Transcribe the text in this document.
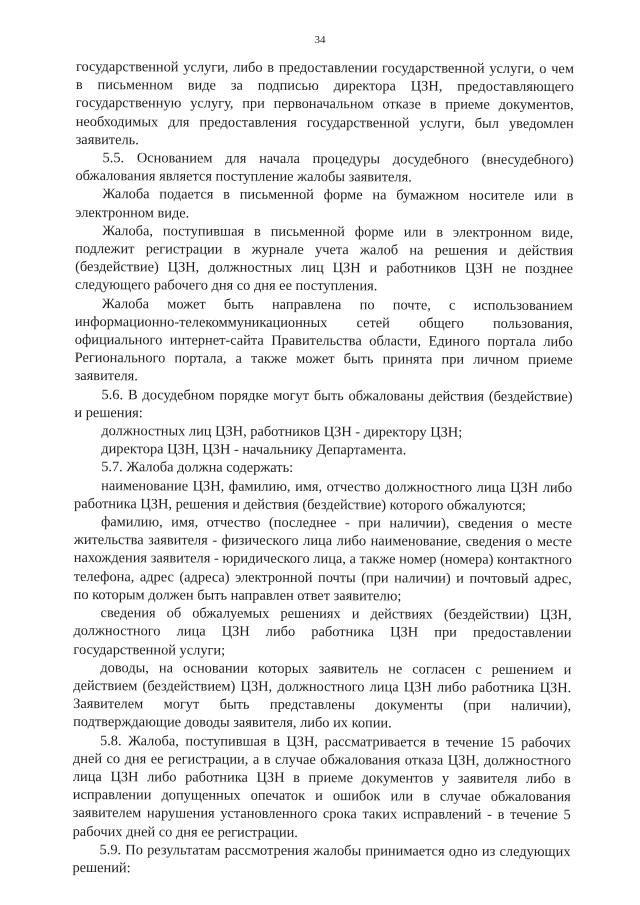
34

государственной услуги, либо в предоставлении государственной услуги, о чем в письменном виде за подписью директора ЦЗН, предоставляющего государственную услугу, при первоначальном отказе в приеме документов, необходимых для предоставления государственной услуги, был уведомлен заявитель.

5.5. Основанием для начала процедуры досудебного (внесудебного) обжалования является поступление жалобы заявителя.

Жалоба подается в письменной форме на бумажном носителе или в электронном виде.

Жалоба, поступившая в письменной форме или в электронном виде, подлежит регистрации в журнале учета жалоб на решения и действия (бездействие) ЦЗН, должностных лиц ЦЗН и работников ЦЗН не позднее следующего рабочего дня со дня ее поступления.

Жалоба может быть направлена по почте, с использованием информационно-телекоммуникационных сетей общего пользования, официального интернет-сайта Правительства области, Единого портала либо Регионального портала, а также может быть принята при личном приеме заявителя.

5.6. В досудебном порядке могут быть обжалованы действия (бездействие) и решения:

должностных лиц ЦЗН, работников ЦЗН - директору ЦЗН;

директора ЦЗН, ЦЗН - начальнику Департамента.

5.7. Жалоба должна содержать:

наименование ЦЗН, фамилию, имя, отчество должностного лица ЦЗН либо работника ЦЗН, решения и действия (бездействие) которого обжалуются;

фамилию, имя, отчество (последнее - при наличии), сведения о месте жительства заявителя - физического лица либо наименование, сведения о месте нахождения заявителя - юридического лица, а также номер (номера) контактного телефона, адрес (адреса) электронной почты (при наличии) и почтовый адрес, по которым должен быть направлен ответ заявителю;

сведения об обжалуемых решениях и действиях (бездействии) ЦЗН, должностного лица ЦЗН либо работника ЦЗН при предоставлении государственной услуги;

доводы, на основании которых заявитель не согласен с решением и действием (бездействием) ЦЗН, должностного лица ЦЗН либо работника ЦЗН. Заявителем могут быть представлены документы (при наличии), подтверждающие доводы заявителя, либо их копии.

5.8. Жалоба, поступившая в ЦЗН, рассматривается в течение 15 рабочих дней со дня ее регистрации, а в случае обжалования отказа ЦЗН, должностного лица ЦЗН либо работника ЦЗН в приеме документов у заявителя либо в исправлении допущенных опечаток и ошибок или в случае обжалования заявителем нарушения установленного срока таких исправлений - в течение 5 рабочих дней со дня ее регистрации.

5.9. По результатам рассмотрения жалобы принимается одно из следующих решений:
